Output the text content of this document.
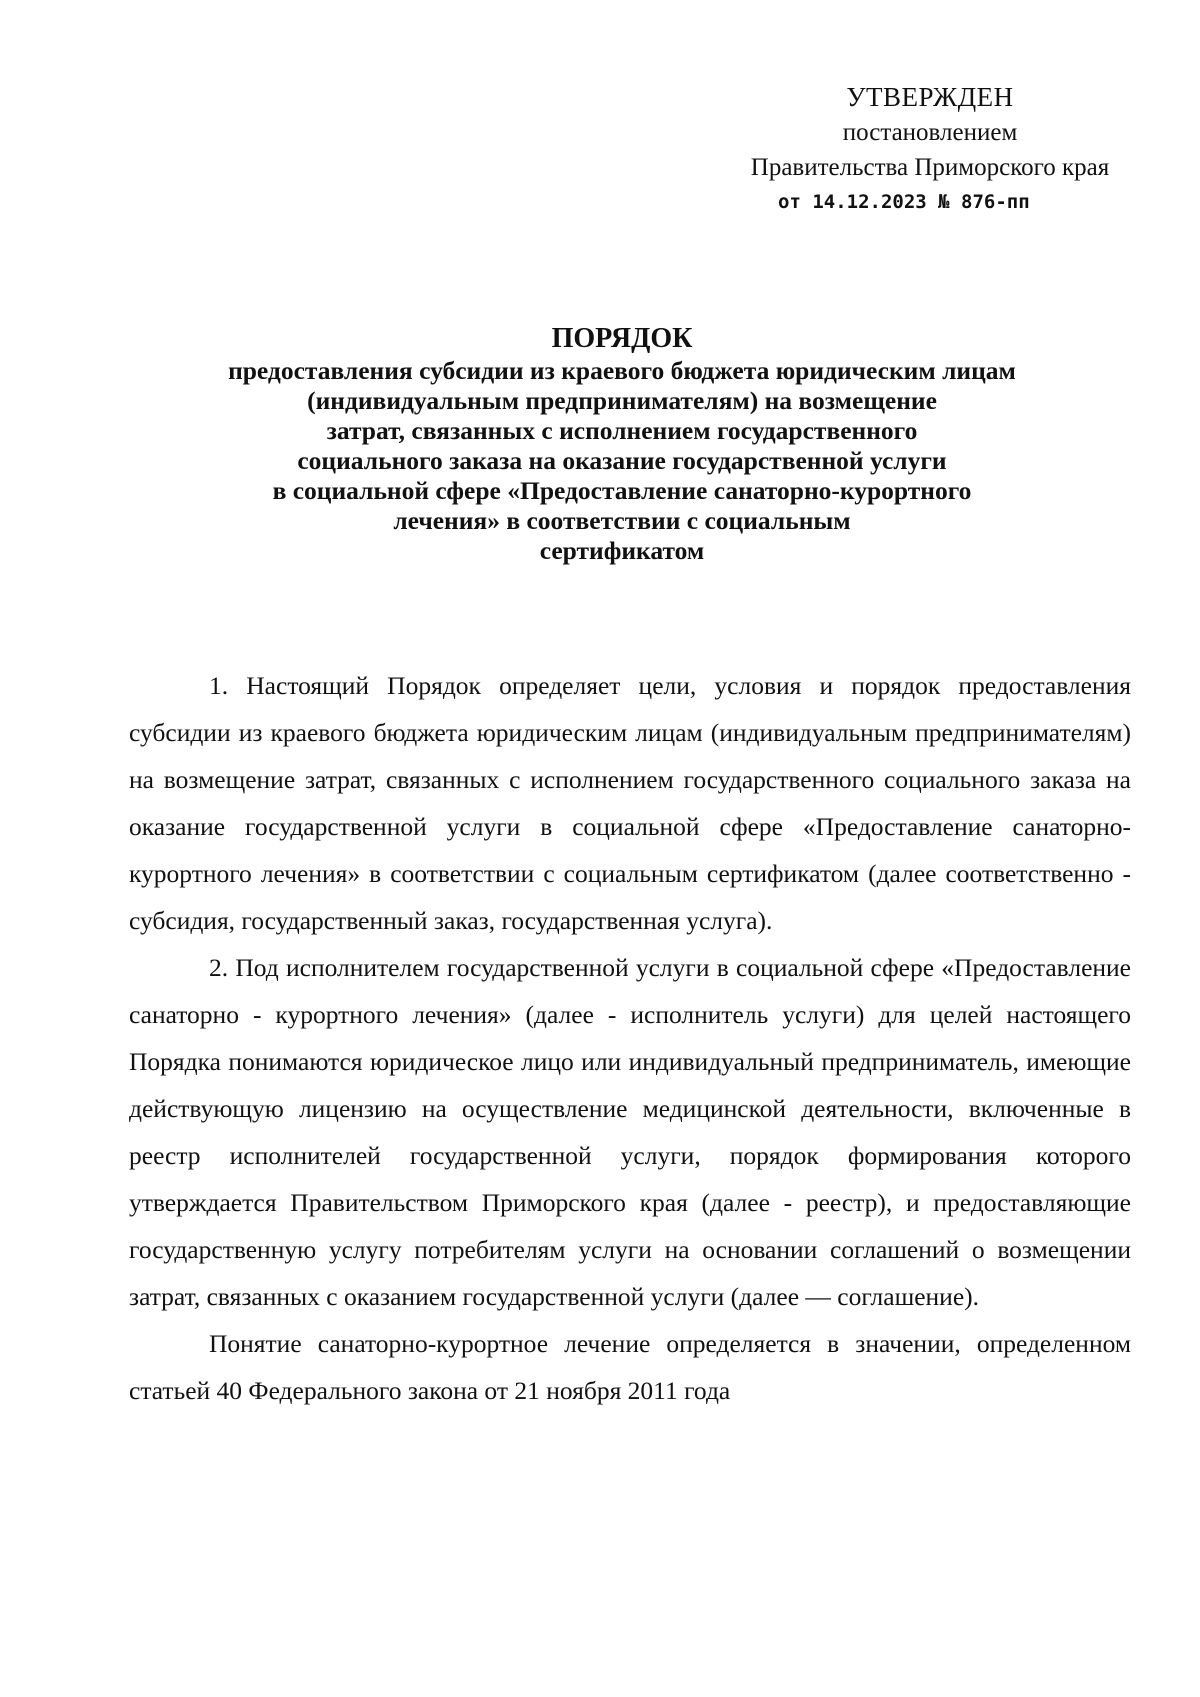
УТВЕРЖДЕН
постановлением
Правительства Приморского края
от 14.12.2023 № 876-пп
ПОРЯДОК
предоставления субсидии из краевого бюджета юридическим лицам
(индивидуальным предпринимателям) на возмещение
затрат, связанных с исполнением государственного
социального заказа на оказание государственной услуги
в социальной сфере «Предоставление санаторно-курортного
лечения» в соответствии с социальным
сертификатом

1. Настоящий Порядок определяет цели, условия и порядок предоставления субсидии из краевого бюджета юридическим лицам (индивидуальным предпринимателям) на возмещение затрат, связанных с исполнением государственного социального заказа на оказание государственной услуги в социальной сфере «Предоставление санаторно-курортного лечения» в соответствии с социальным сертификатом (далее соответственно - субсидия, государственный заказ, государственная услуга).

2. Под исполнителем государственной услуги в социальной сфере «Предоставление санаторно - курортного лечения» (далее - исполнитель услуги) для целей настоящего Порядка понимаются юридическое лицо или индивидуальный предприниматель, имеющие действующую лицензию на осуществление медицинской деятельности, включенные в реестр исполнителей государственной услуги, порядок формирования которого утверждается Правительством Приморского края (далее - реестр), и предоставляющие государственную услугу потребителям услуги на основании соглашений о возмещении затрат, связанных с оказанием государственной услуги (далее — соглашение).

Понятие санаторно-курортное лечение определяется в значении, определенном статьей 40 Федерального закона от 21 ноября 2011 года
